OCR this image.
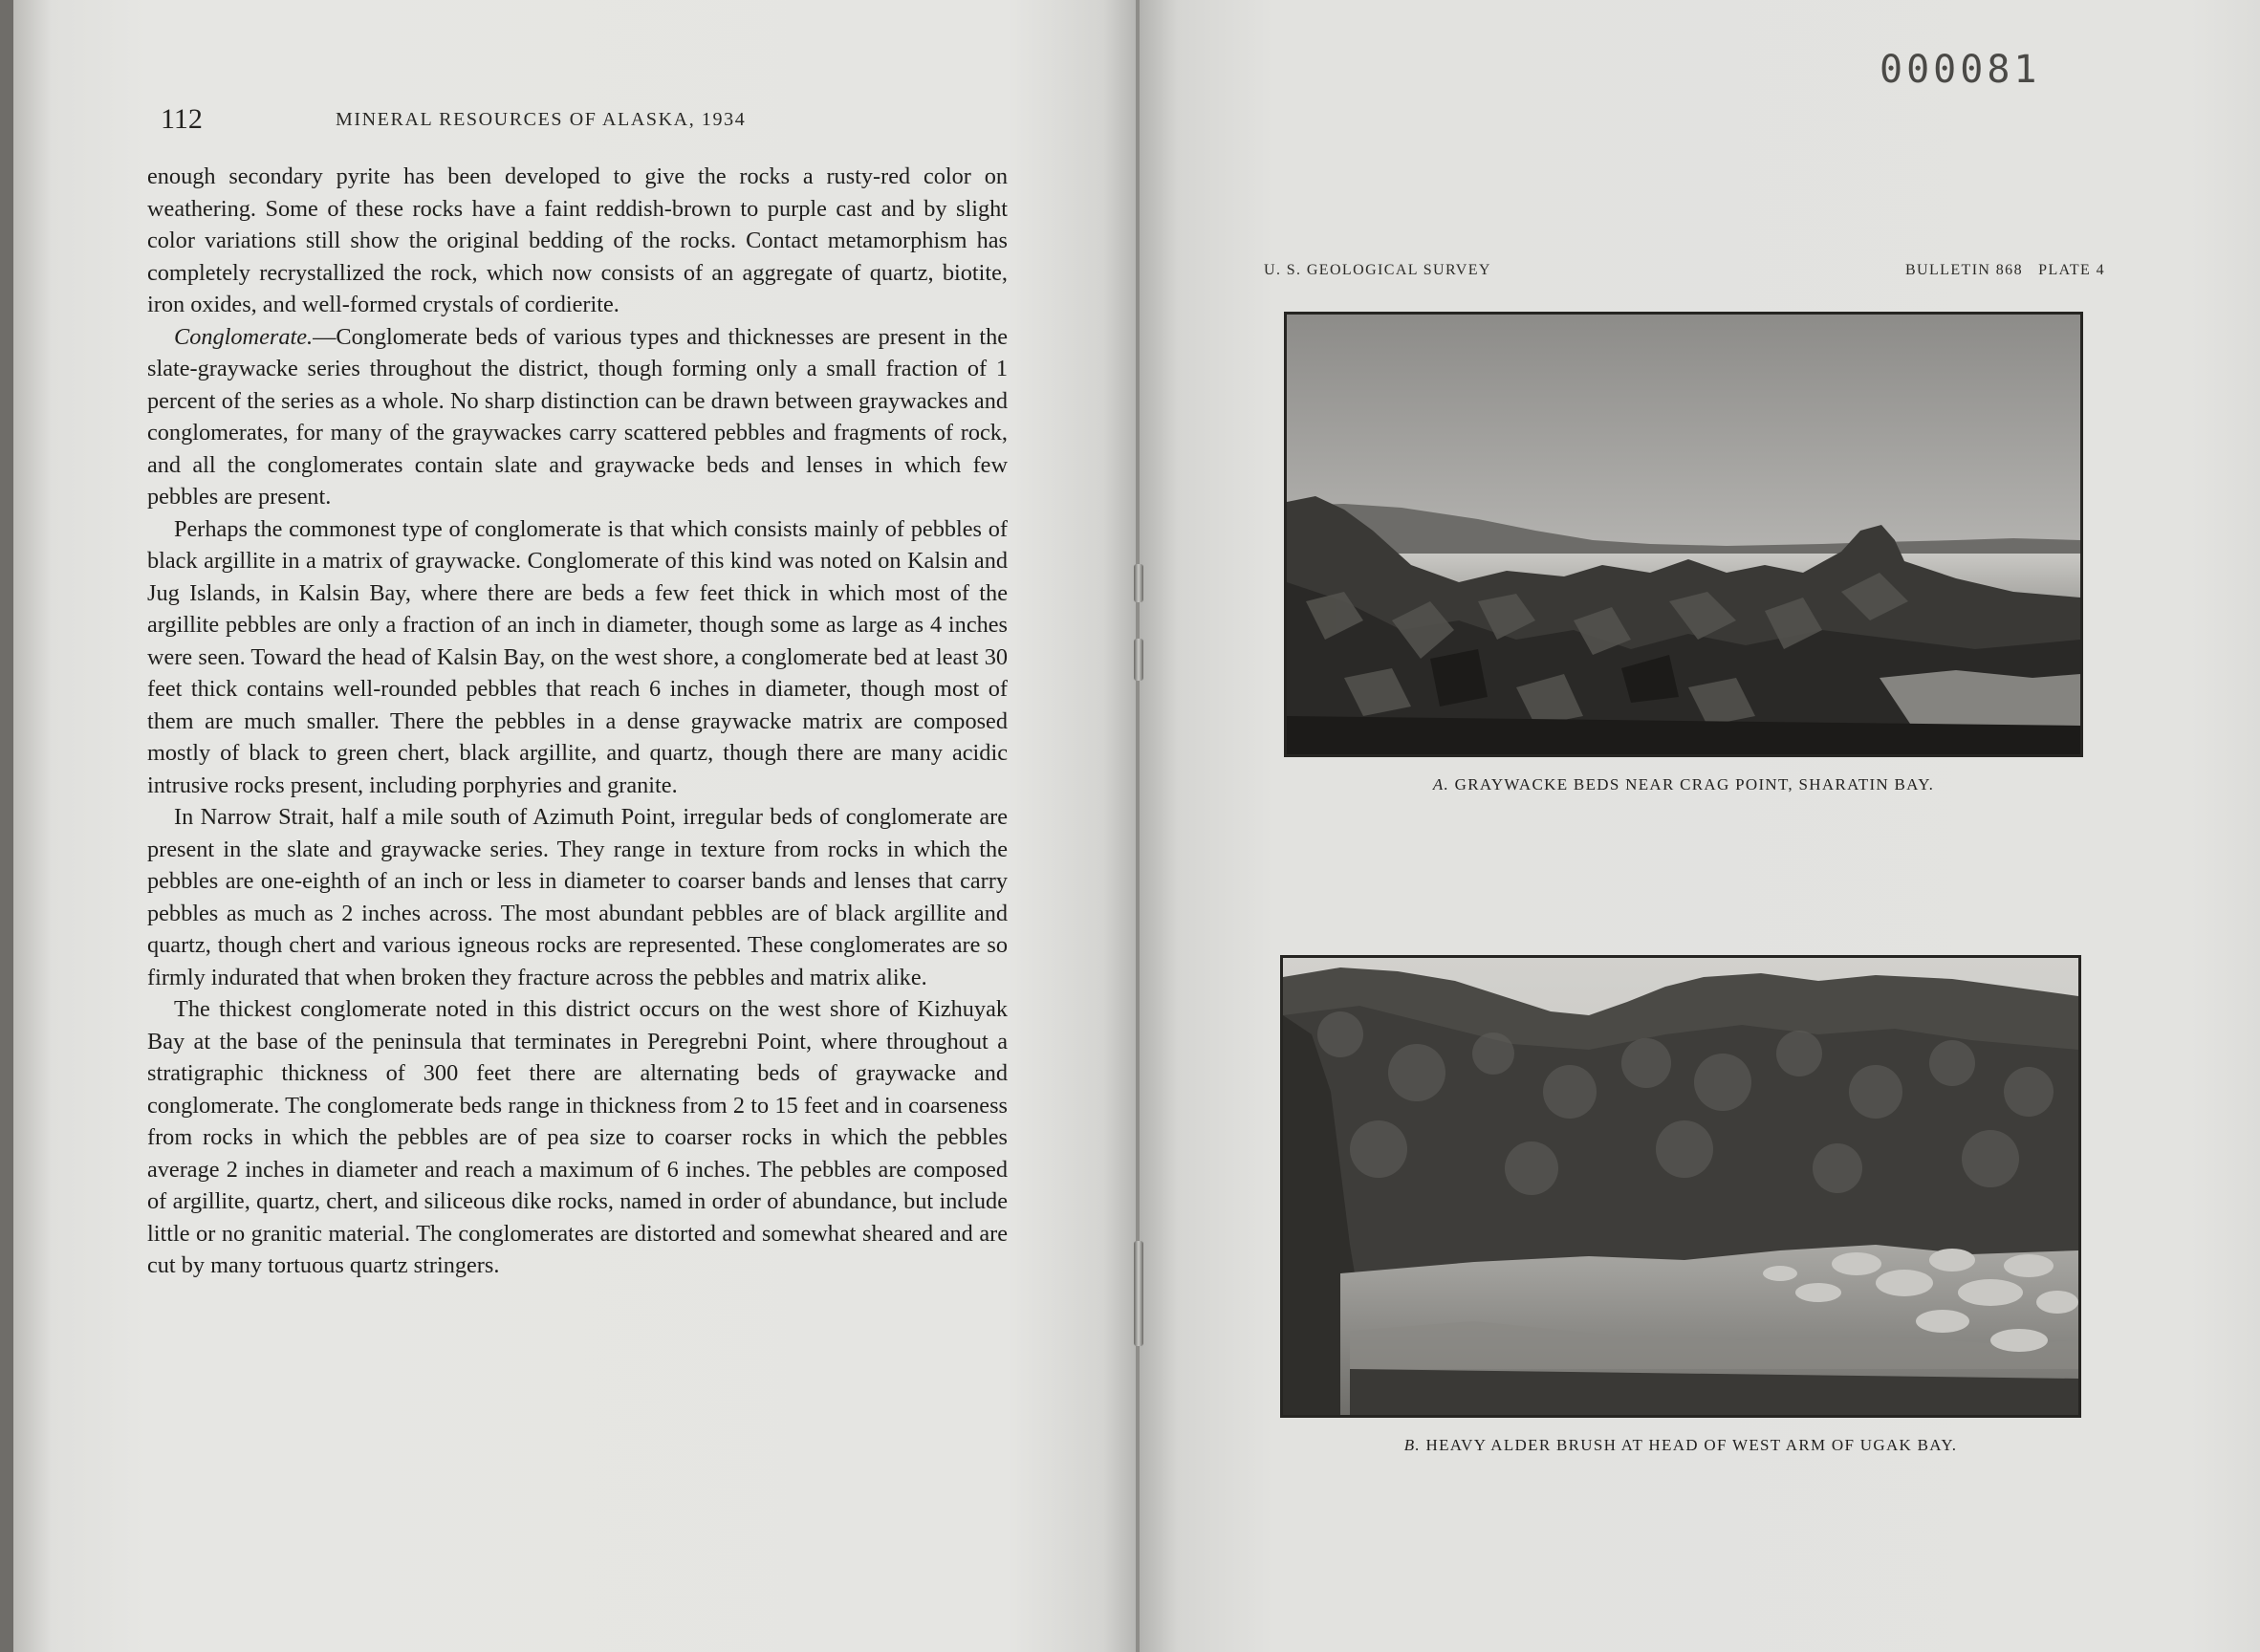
112	MINERAL RESOURCES OF ALASKA, 1934

enough secondary pyrite has been developed to give the rocks a rusty-red color on weathering. Some of these rocks have a faint reddish-brown to purple cast and by slight color variations still show the original bedding of the rocks. Contact metamorphism has completely recrystallized the rock, which now consists of an aggregate of quartz, biotite, iron oxides, and well-formed crystals of cordierite.

Conglomerate.—Conglomerate beds of various types and thicknesses are present in the slate-graywacke series throughout the district, though forming only a small fraction of 1 percent of the series as a whole. No sharp distinction can be drawn between graywackes and conglomerates, for many of the graywackes carry scattered pebbles and fragments of rock, and all the conglomerates contain slate and graywacke beds and lenses in which few pebbles are present.

Perhaps the commonest type of conglomerate is that which consists mainly of pebbles of black argillite in a matrix of graywacke. Conglomerate of this kind was noted on Kalsin and Jug Islands, in Kalsin Bay, where there are beds a few feet thick in which most of the argillite pebbles are only a fraction of an inch in diameter, though some as large as 4 inches were seen. Toward the head of Kalsin Bay, on the west shore, a conglomerate bed at least 30 feet thick contains well-rounded pebbles that reach 6 inches in diameter, though most of them are much smaller. There the pebbles in a dense graywacke matrix are composed mostly of black to green chert, black argillite, and quartz, though there are many acidic intrusive rocks present, including porphyries and granite.

In Narrow Strait, half a mile south of Azimuth Point, irregular beds of conglomerate are present in the slate and graywacke series. They range in texture from rocks in which the pebbles are one-eighth of an inch or less in diameter to coarser bands and lenses that carry pebbles as much as 2 inches across. The most abundant pebbles are of black argillite and quartz, though chert and various igneous rocks are represented. These conglomerates are so firmly indurated that when broken they fracture across the pebbles and matrix alike.

The thickest conglomerate noted in this district occurs on the west shore of Kizhuyak Bay at the base of the peninsula that terminates in Peregrebni Point, where throughout a stratigraphic thickness of 300 feet there are alternating beds of graywacke and conglomerate. The conglomerate beds range in thickness from 2 to 15 feet and in coarseness from rocks in which the pebbles are of pea size to coarser rocks in which the pebbles average 2 inches in diameter and reach a maximum of 6 inches. The pebbles are composed of argillite, quartz, chert, and siliceous dike rocks, named in order of abundance, but include little or no granitic material. The conglomerates are distorted and somewhat sheared and are cut by many tortuous quartz stringers.

000081
U. S. GEOLOGICAL SURVEY	BULLETIN 868   PLATE 4
A. GRAYWACKE BEDS NEAR CRAG POINT, SHARATIN BAY.
B. HEAVY ALDER BRUSH AT HEAD OF WEST ARM OF UGAK BAY.
